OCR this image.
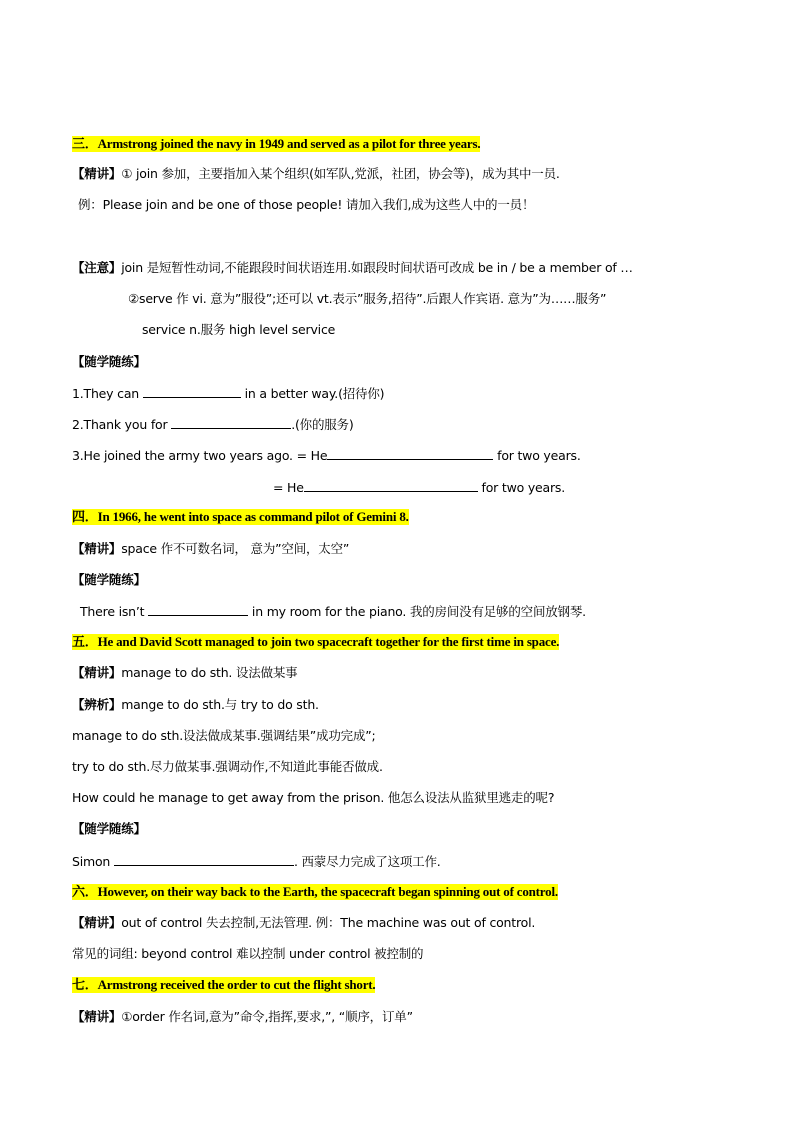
三．Armstrong joined the navy in 1949 and served as a pilot for three years.
【精讲】① join 参加，主要指加入某个组织(如军队,党派，社团，协会等)，成为其中一员.
例：Please join and be one of those people! 请加入我们,成为这些人中的一员！
【注意】join 是短暂性动词,不能跟段时间状语连用.如跟段时间状语可改成 be in / be a member of …
②serve 作 vi. 意为”服役”;还可以 vt.表示”服务,招待”.后跟人作宾语. 意为”为……服务”
service n.服务 high level service
【随学随练】
1.They can	in a better way.(招待你)
2.Thank you for	.(你的服务)
3.He joined the army two years ago. = He	for two years.
= He	for two years.
四．In 1966, he went into space as command pilot of Gemini 8.
【精讲】space 作不可数名词， 意为”空间，太空”
【随学随练】
There isn’t	in my room for the piano. 我的房间没有足够的空间放钢琴.
五．He and David Scott managed to join two spacecraft together for the first time in space.
【精讲】manage to do sth. 设法做某事
【辨析】mange to do sth.与 try to do sth.
manage to do sth.设法做成某事.强调结果”成功完成”;
try to do sth.尽力做某事.强调动作,不知道此事能否做成.
How could he manage to get away from the prison. 他怎么设法从监狱里逃走的呢?
【随学随练】
Simon	. 西蒙尽力完成了这项工作.
六．However, on their way back to the Earth, the spacecraft began spinning out of control.
【精讲】out of control 失去控制,无法管理. 例：The machine was out of control.
常见的词组: beyond control 难以控制 under control 被控制的
七．Armstrong received the order to cut the flight short.
【精讲】①order 作名词,意为”命令,指挥,要求,”, “顺序，订单”
